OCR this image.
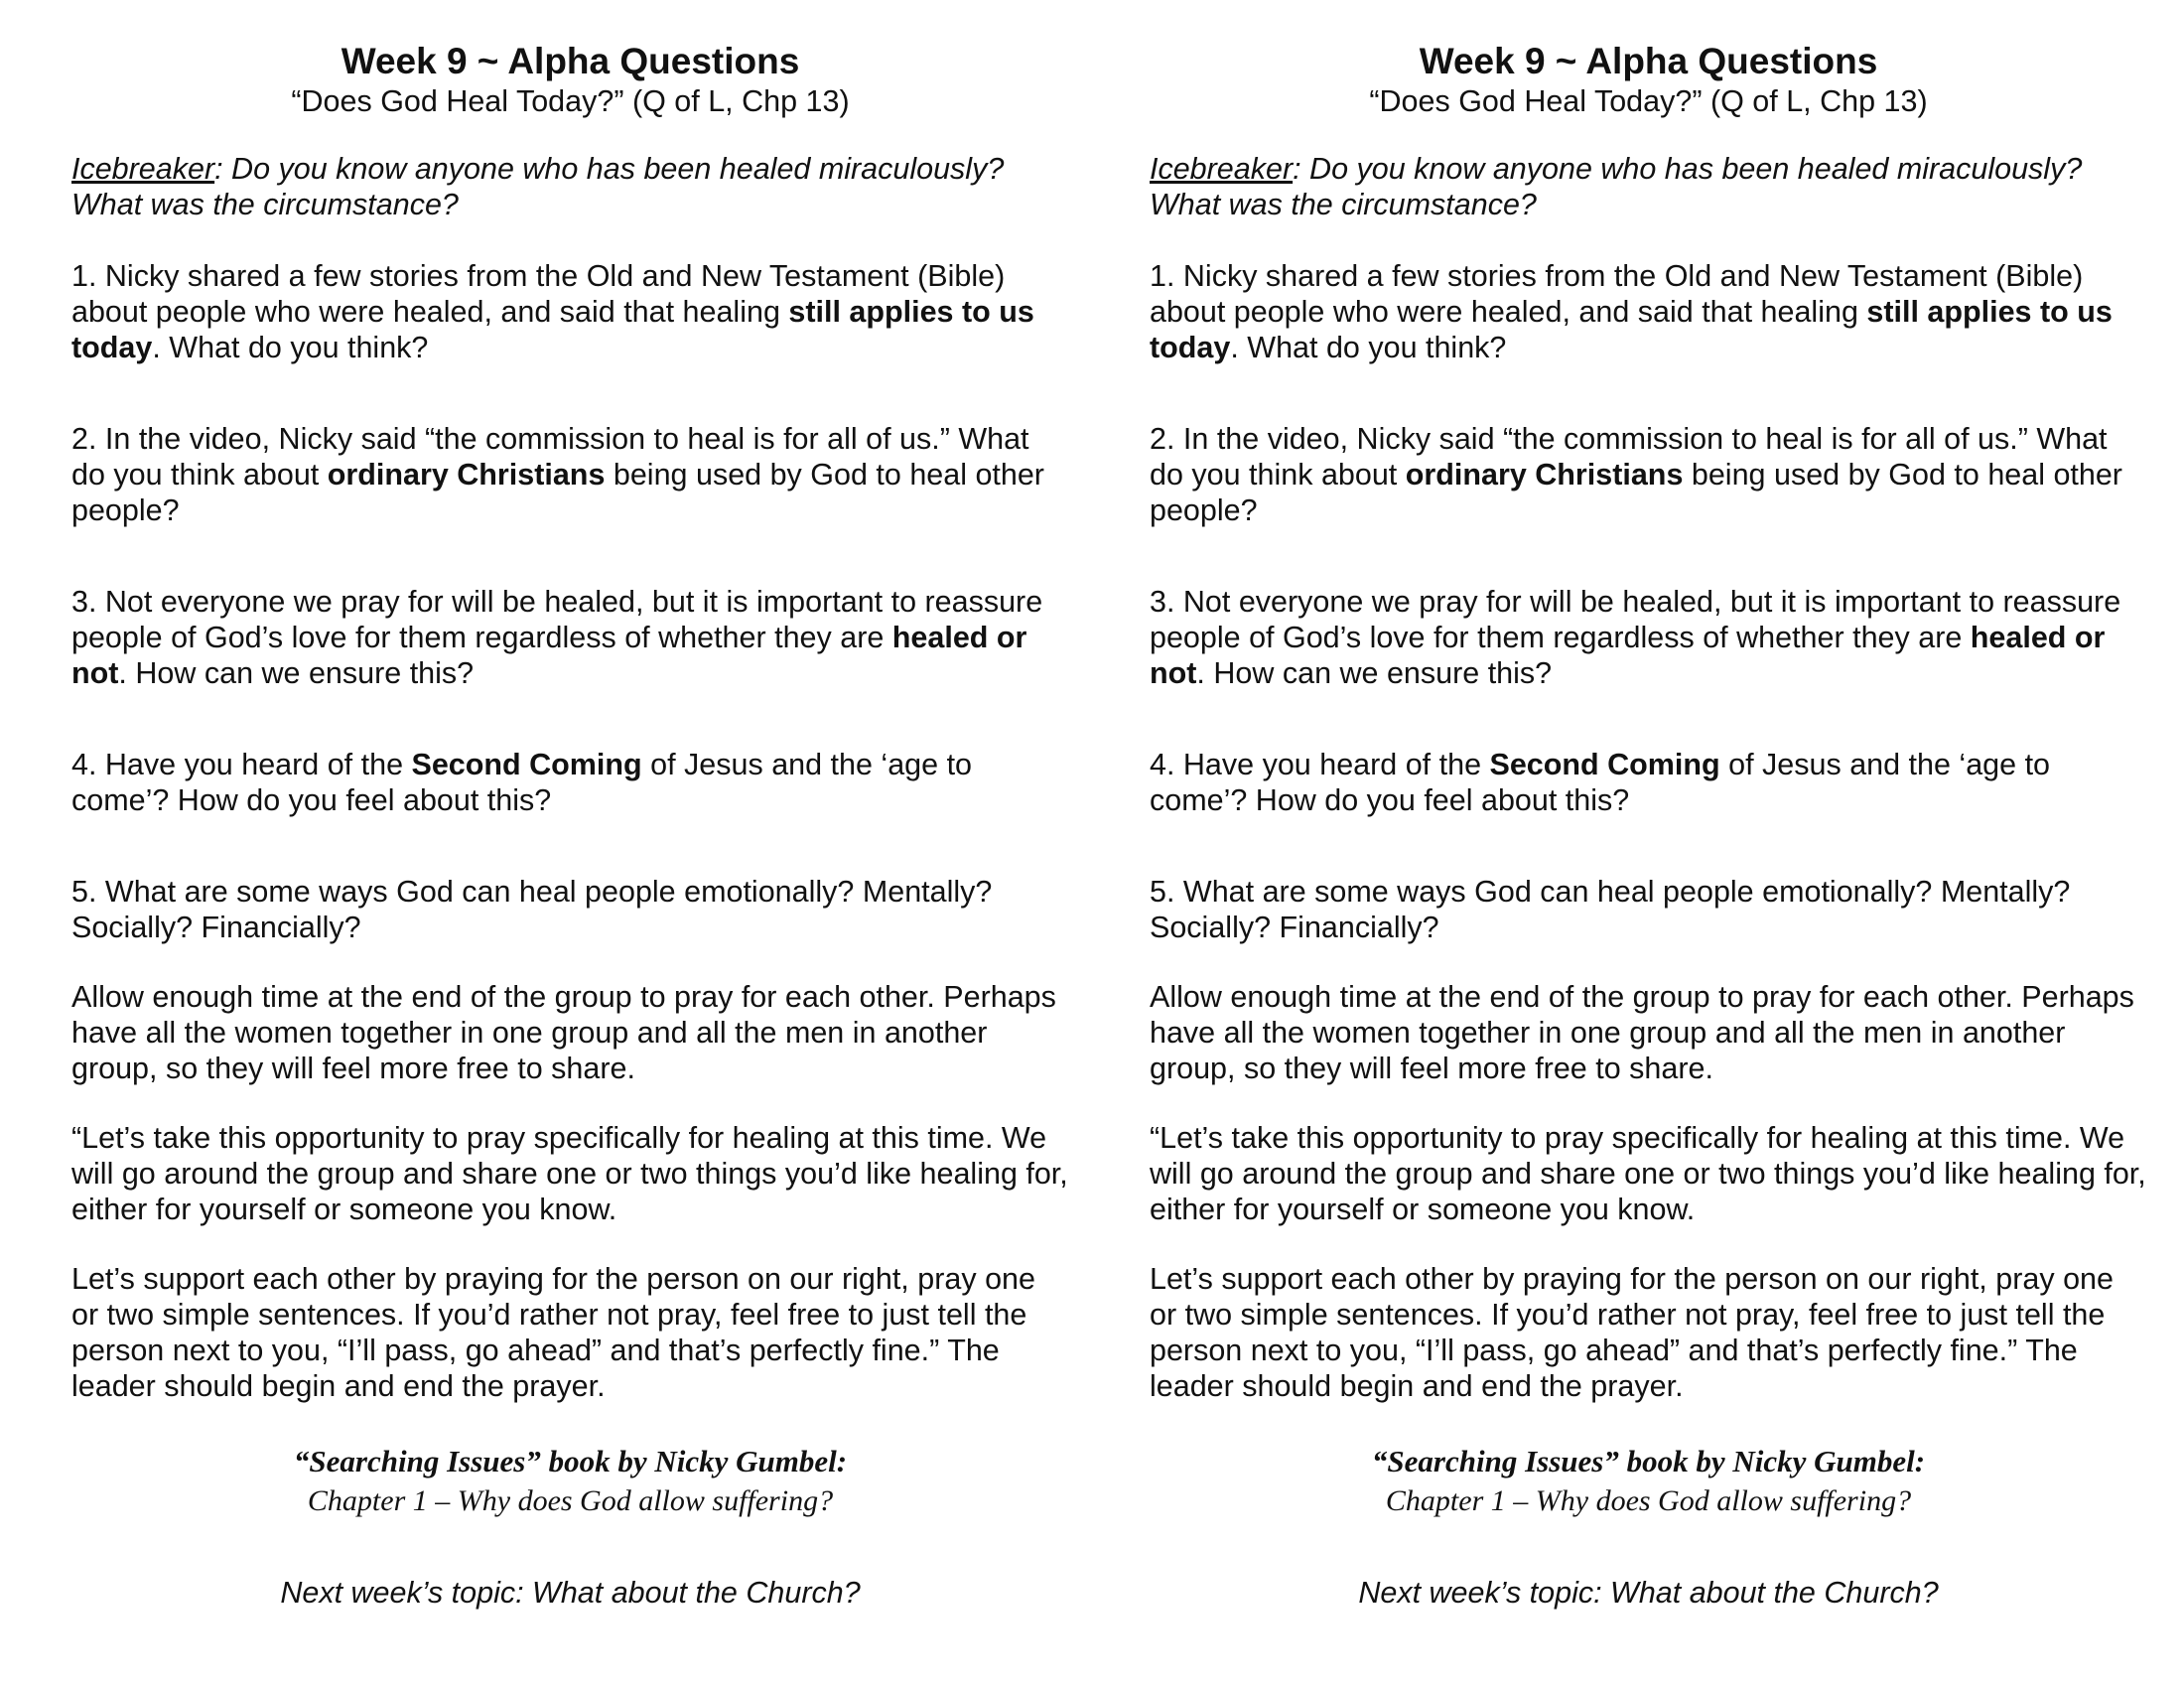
Week 9 ~ Alpha Questions

“Does God Heal Today?” (Q of L, Chp 13)

Icebreaker: Do you know anyone who has been healed miraculously? What was the circumstance?

1. Nicky shared a few stories from the Old and New Testament (Bible) about people who were healed, and said that healing still applies to us today. What do you think?

2. In the video, Nicky said “the commission to heal is for all of us.” What do you think about ordinary Christians being used by God to heal other people?

3. Not everyone we pray for will be healed, but it is important to reassure people of God’s love for them regardless of whether they are healed or not. How can we ensure this?

4. Have you heard of the Second Coming of Jesus and the ‘age to come’? How do you feel about this?

5. What are some ways God can heal people emotionally? Mentally? Socially? Financially?

Allow enough time at the end of the group to pray for each other. Perhaps have all the women together in one group and all the men in another group, so they will feel more free to share.

“Let’s take this opportunity to pray specifically for healing at this time. We will go around the group and share one or two things you’d like healing for, either for yourself or someone you know.

Let’s support each other by praying for the person on our right, pray one or two simple sentences. If you’d rather not pray, feel free to just tell the person next to you, “I’ll pass, go ahead” and that’s perfectly fine.” The leader should begin and end the prayer.

“Searching Issues” book by Nicky Gumbel:
Chapter 1 – Why does God allow suffering?

Next week’s topic: What about the Church?

Week 9 ~ Alpha Questions

“Does God Heal Today?” (Q of L, Chp 13)

Icebreaker: Do you know anyone who has been healed miraculously? What was the circumstance?

1. Nicky shared a few stories from the Old and New Testament (Bible) about people who were healed, and said that healing still applies to us today. What do you think?

2. In the video, Nicky said “the commission to heal is for all of us.” What do you think about ordinary Christians being used by God to heal other people?

3. Not everyone we pray for will be healed, but it is important to reassure people of God’s love for them regardless of whether they are healed or not. How can we ensure this?

4. Have you heard of the Second Coming of Jesus and the ‘age to come’? How do you feel about this?

5. What are some ways God can heal people emotionally? Mentally? Socially? Financially?

Allow enough time at the end of the group to pray for each other. Perhaps have all the women together in one group and all the men in another group, so they will feel more free to share.

“Let’s take this opportunity to pray specifically for healing at this time. We will go around the group and share one or two things you’d like healing for, either for yourself or someone you know.

Let’s support each other by praying for the person on our right, pray one or two simple sentences. If you’d rather not pray, feel free to just tell the person next to you, “I’ll pass, go ahead” and that’s perfectly fine.” The leader should begin and end the prayer.

“Searching Issues” book by Nicky Gumbel:
Chapter 1 – Why does God allow suffering?

Next week’s topic: What about the Church?
